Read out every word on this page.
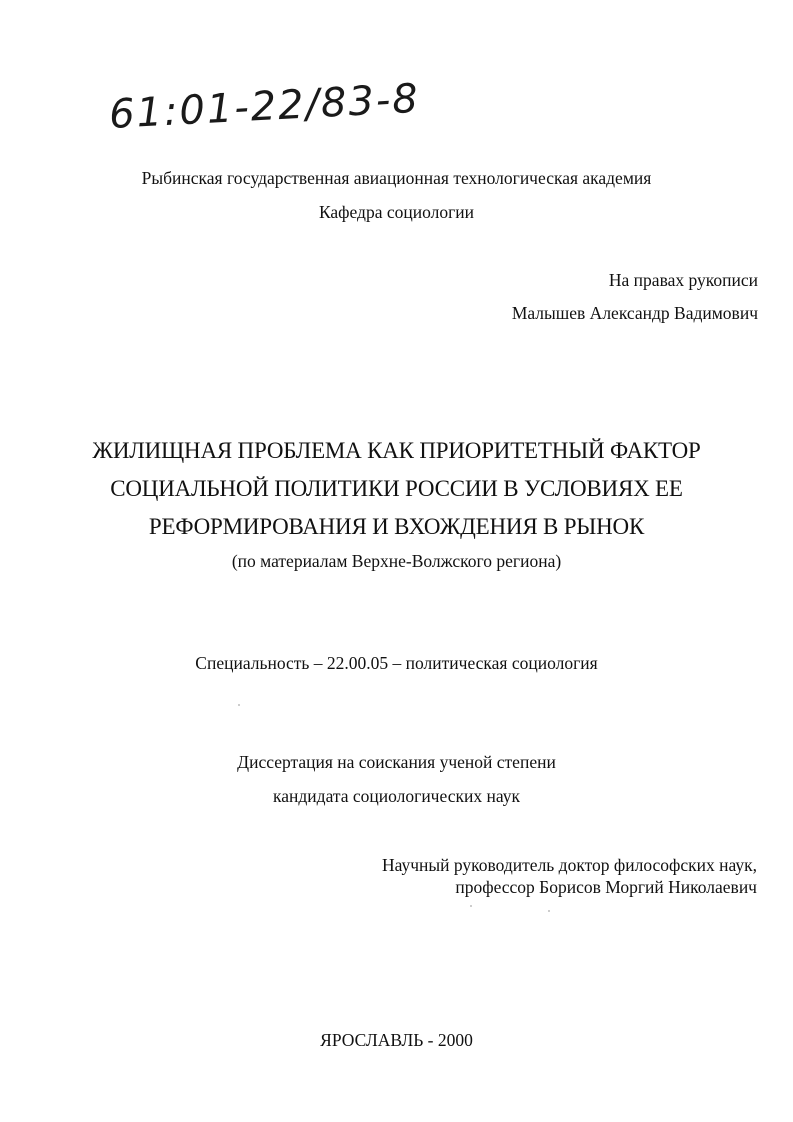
61:01-22/83-8
Рыбинская государственная авиационная технологическая академия
Кафедра социологии
На правах рукописи
Малышев Александр Вадимович
ЖИЛИЩНАЯ ПРОБЛЕМА КАК ПРИОРИТЕТНЫЙ ФАКТОР
СОЦИАЛЬНОЙ ПОЛИТИКИ РОССИИ В УСЛОВИЯХ ЕЕ
РЕФОРМИРОВАНИЯ И ВХОЖДЕНИЯ В РЫНОК
(по материалам Верхне-Волжского региона)
Специальность – 22.00.05 – политическая социология
Диссертация на соискания ученой степени
кандидата социологических наук
Научный руководитель доктор философских наук,
профессор Борисов Моргий Николаевич
ЯРОСЛАВЛЬ - 2000
